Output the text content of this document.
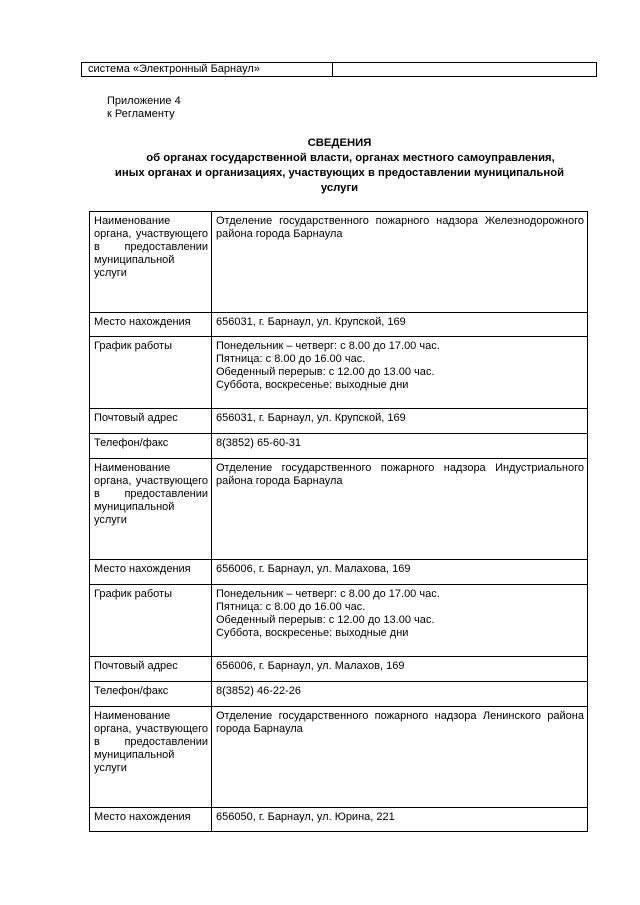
система «Электронный Барнаул»	
Приложение 4
к Регламенту
СВЕДЕНИЯ
об органах государственной власти, органах местного самоуправления,
иных органах и организациях, участвующих в предоставлении муниципальной
услуги
Наименование органа, участвующего в предоставлении муниципальной услуги	Отделение государственного пожарного надзора Железнодорожного района города Барнаула
Место нахождения	656031, г. Барнаул, ул. Крупской, 169
График работы	Понедельник – четверг: с 8.00 до 17.00 час.
Пятница: с 8.00 до 16.00 час.
Обеденный перерыв: с 12.00 до 13.00 час.
Суббота, воскресенье: выходные дни
Почтовый адрес	656031, г. Барнаул, ул. Крупской, 169
Телефон/факс	8(3852) 65-60-31
Наименование органа, участвующего в предоставлении муниципальной услуги	Отделение государственного пожарного надзора Индустриального района города Барнаула
Место нахождения	656006, г. Барнаул, ул. Малахова, 169
График работы	Понедельник – четверг: с 8.00 до 17.00 час.
Пятница: с 8.00 до 16.00 час.
Обеденный перерыв: с 12.00 до 13.00 час.
Суббота, воскресенье: выходные дни
Почтовый адрес	656006, г. Барнаул, ул. Малахов, 169
Телефон/факс	8(3852) 46-22-26
Наименование органа, участвующего в предоставлении муниципальной услуги	Отделение государственного пожарного надзора Ленинского района города Барнаула
Место нахождения	656050, г. Барнаул, ул. Юрина, 221
